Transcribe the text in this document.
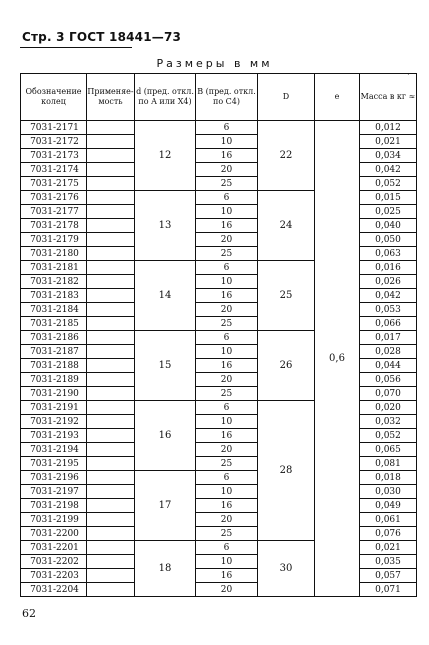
Стр. 3 ГОСТ 18441—73
Размеры в мм
·
Обозначение колец	Применяе-мость	d (пред. откл. по A или X4)	B (пред. откл. по C4)	D	e	Масса в кг ≈
7031-2171		12	6	22	0,6	0,012
7031-2172			10			0,021
7031-2173			16			0,034
7031-2174			20			0,042
7031-2175			25			0,052
7031-2176		13	6	24		0,015
7031-2177			10			0,025
7031-2178			16			0,040
7031-2179			20			0,050
7031-2180			25			0,063
7031-2181		14	6	25		0,016
7031-2182			10			0,026
7031-2183			16			0,042
7031-2184			20			0,053
7031-2185			25			0,066
7031-2186		15	6	26		0,017
7031-2187			10			0,028
7031-2188			16			0,044
7031-2189			20			0,056
7031-2190			25			0,070
7031-2191		16	6	28		0,020
7031-2192			10			0,032
7031-2193			16			0,052
7031-2194			20			0,065
7031-2195			25			0,081
7031-2196		17	6			0,018
7031-2197			10			0,030
7031-2198			16			0,049
7031-2199			20			0,061
7031-2200			25			0,076
7031-2201		18	6	30		0,021
7031-2202			10			0,035
7031-2203			16			0,057
7031-2204			20			0,071
62
